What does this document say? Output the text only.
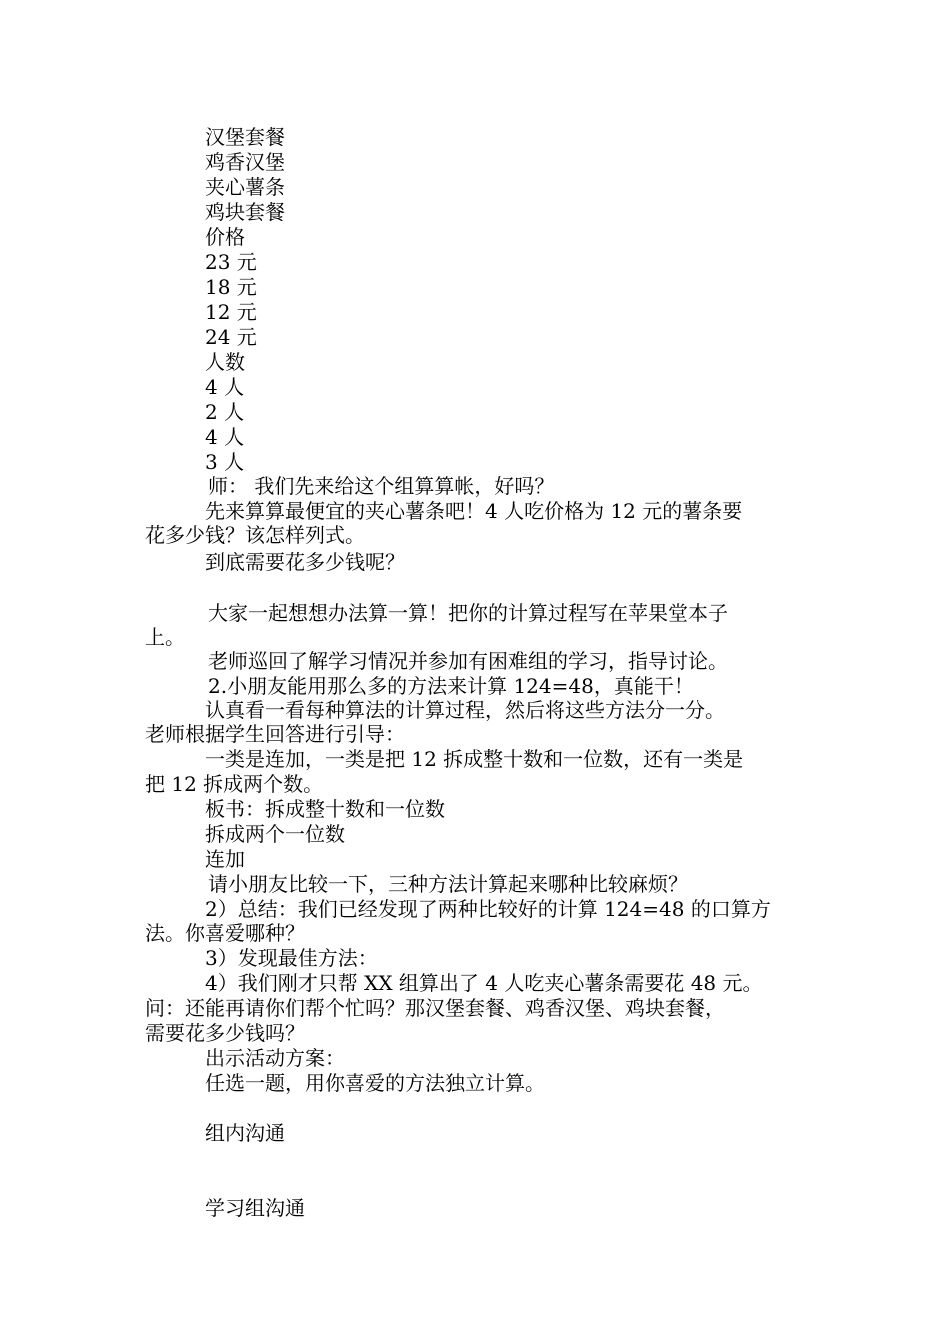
汉堡套餐

鸡香汉堡

夹心薯条

鸡块套餐

价格

23 元

18 元

12 元

24 元

人数

4 人

2 人

4 人

3 人

师： 我们先来给这个组算算帐，好吗？

先来算算最便宜的夹心薯条吧！4 人吃价格为 12 元的薯条要

花多少钱？该怎样列式。

到底需要花多少钱呢？

大家一起想想办法算一算！把你的计算过程写在苹果堂本子

上。

老师巡回了解学习情况并参加有困难组的学习，指导讨论。

2.小朋友能用那么多的方法来计算 124=48，真能干！

认真看一看每种算法的计算过程，然后将这些方法分一分。

老师根据学生回答进行引导：

一类是连加，一类是把 12 拆成整十数和一位数，还有一类是

把 12 拆成两个数。

板书：拆成整十数和一位数

拆成两个一位数

连加

请小朋友比较一下，三种方法计算起来哪种比较麻烦？

2）总结：我们已经发现了两种比较好的计算 124=48 的口算方

法。你喜爱哪种？

3）发现最佳方法：

4）我们刚才只帮 XX 组算出了 4 人吃夹心薯条需要花 48 元。

问：还能再请你们帮个忙吗？那汉堡套餐、鸡香汉堡、鸡块套餐，

需要花多少钱吗？

出示活动方案：

任选一题，用你喜爱的方法独立计算。

组内沟通

学习组沟通
